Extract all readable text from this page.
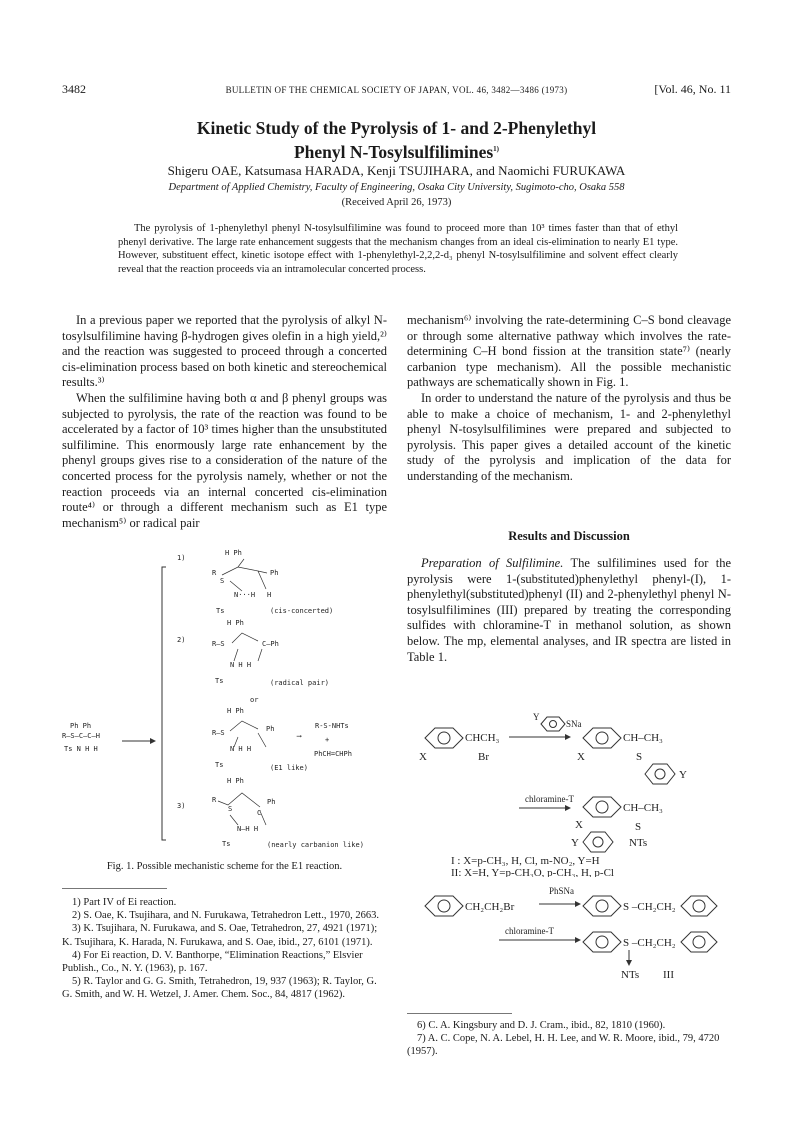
3482	BULLETIN OF THE CHEMICAL SOCIETY OF JAPAN, VOL. 46, 3482—3486 (1973)	[Vol. 46, No. 11
Kinetic Study of the Pyrolysis of 1- and 2-Phenylethyl
Phenyl N-Tosylsulfilimines$^{1)}$
Shigeru OAE, Katsumasa HARADA, Kenji TSUJIHARA, and Naomichi FURUKAWA
Department of Applied Chemistry, Faculty of Engineering, Osaka City University, Sugimoto-cho, Osaka 558
(Received April 26, 1973)

The pyrolysis of 1-phenylethyl phenyl N-tosylsulfilimine was found to proceed more than 10³ times faster than that of ethyl phenyl derivative. The large rate enhancement suggests that the mechanism changes from an ideal cis-elimination to nearly E1 type. However, substituent effect, kinetic isotope effect with 1-phenylethyl-2,2,2-d₃ phenyl N-tosylsulfilimine and solvent effect clearly reveal that the reaction proceeds via an intramolecular concerted process.

In a previous paper we reported that the pyrolysis of alkyl N-tosylsulfilimine having β-hydrogen gives olefin in a high yield,²⁾ and the reaction was suggested to proceed through a concerted cis-elimination process based on both kinetic and stereochemical results.³⁾

When the sulfilimine having both α and β phenyl groups was subjected to pyrolysis, the rate of the reaction was found to be accelerated by a factor of 10³ times higher than the unsubstituted sulfilimine. This enormously large rate enhancement by the phenyl groups gives rise to a consideration of the nature of the concerted process for the pyrolysis namely, whether or not the reaction proceeds via an internal concerted cis-elimination route⁴⁾ or through a different mechanism such as E1 type mechanism⁵⁾ or radical pair

mechanism⁶⁾ involving the rate-determining C–S bond cleavage or through some alternative pathway which involves the rate-determining C–H bond fission at the transition state⁷⁾ (nearly carbanion type mechanism). All the possible mechanistic pathways are schematically shown in Fig. 1.

In order to understand the nature of the pyrolysis and thus be able to make a choice of mechanism, 1- and 2-phenylethyl phenyl N-tosylsulfilimines were prepared and subjected to pyrolysis. This paper gives a detailed account of the kinetic study of the pyrolysis and implication of the data for understanding of the mechanism.

Results and Discussion

Preparation of Sulfilimine. The sulfilimines used for the pyrolysis were 1-(substituted)phenylethyl phenyl-(I), 1-phenylethyl(substituted)phenyl (II) and 2-phenylethyl phenyl N-tosylsulfilimines (III) prepared by treating the corresponding sulfides with chloramine-T in methanol solution, as shown below. The mp, elemental analyses, and IR spectra are listed in Table 1.

Ph Ph
R–S–C–C–H
Ts N H H
1)
H Ph
R
S
Ph
N···H H
Ts	(cis-concerted)
2)
H Ph
R–S	C–Ph
N H H
Ts	(radical pair)
or
H Ph
R–S	Ph
N H H
Ts
⟶
R-S-NHTs
+
PhCH=CHPh
(E1 like)
3)
H Ph
R
S
Ph
C
N—H H
Ts	(nearly carbanion like)
Fig. 1. Possible mechanistic scheme for the E1 reaction.
CHCH₃
X	Br
Y
SNa
CH–CH₃
X	S
Y
chloramine-T
CH–CH₃
X	S
Y	NTs
I : X=p-CH₃, H, Cl, m-NO₂, Y=H
II: X=H, Y=p-CH₃O, p-CH₃, H, p-Cl
CH₂CH₂Br
PhSNa
S –CH₂CH₂
chloramine-T
S –CH₂CH₂
NTs III

1) Part IV of Ei reaction.

2) S. Oae, K. Tsujihara, and N. Furukawa, Tetrahedron Lett., 1970, 2663.

3) K. Tsujihara, N. Furukawa, and S. Oae, Tetrahedron, 27, 4921 (1971); K. Tsujihara, K. Harada, N. Furukawa, and S. Oae, ibid., 27, 6101 (1971).

4) For Ei reaction, D. V. Banthorpe, “Elimination Reactions,” Elsvier Publish., Co., N. Y. (1963), p. 167.

5) R. Taylor and G. G. Smith, Tetrahedron, 19, 937 (1963); R. Taylor, G. G. Smith, and W. H. Wetzel, J. Amer. Chem. Soc., 84, 4817 (1962).

6) C. A. Kingsbury and D. J. Cram., ibid., 82, 1810 (1960).

7) A. C. Cope, N. A. Lebel, H. H. Lee, and W. R. Moore, ibid., 79, 4720 (1957).
